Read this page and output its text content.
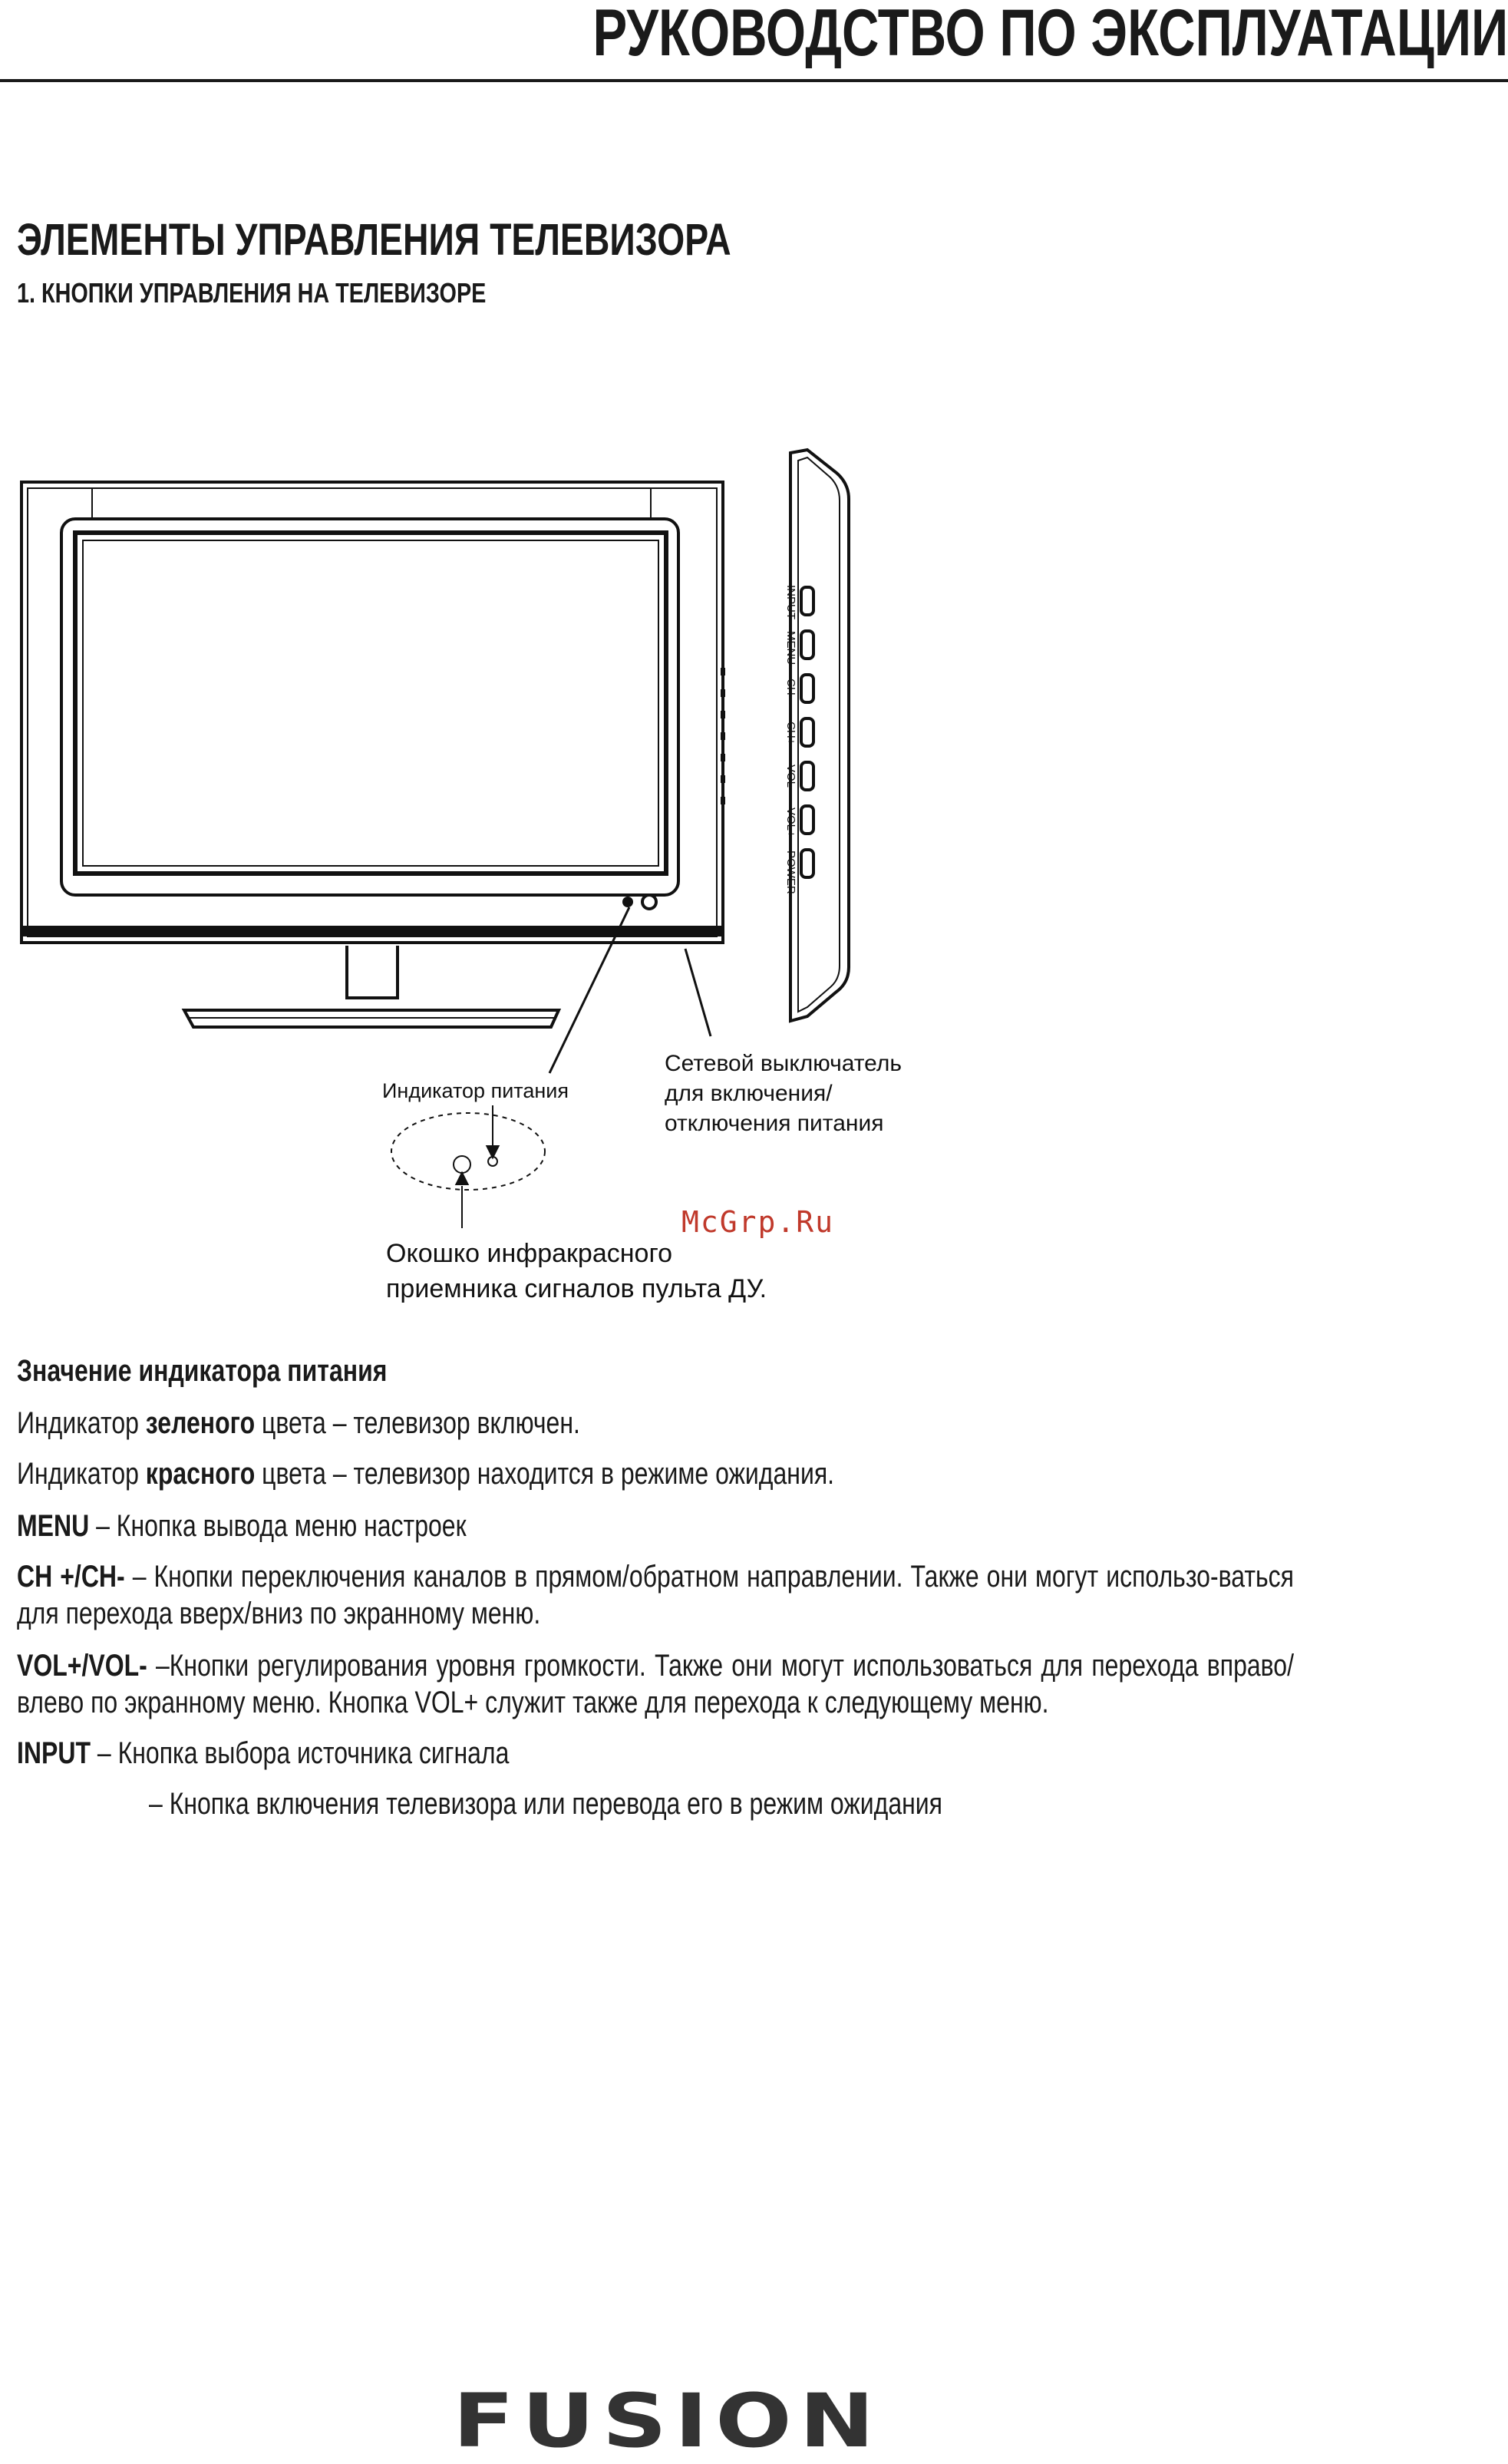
РУКОВОДСТВО ПО ЭКСПЛУАТАЦИИ
ЭЛЕМЕНТЫ УПРАВЛЕНИЯ ТЕЛЕВИЗОРА
1. КНОПКИ УПРАВЛЕНИЯ НА ТЕЛЕВИЗОРЕ
INPUT
MENU
CH-
CH+
VOL-
VOL+
POWER
Индикатор питания
Сетевой выключатель
для включения/
отключения питания
Окошко инфракрасного
приемника сигналов пульта ДУ.
McGrp.Ru
Значение индикатора питания
Индикатор зеленого цвета – телевизор включен.
Индикатор красного цвета – телевизор находится в режиме ожидания.
MENU – Кнопка вывода меню настроек
CH +/CH- – Кнопки переключения каналов в прямом/обратном направлении. Также они могут использо-ваться для перехода вверх/вниз по экранному меню.
VOL+/VOL- –Кнопки регулирования уровня громкости. Также они могут использоваться для перехода вправо/влево по экранному меню. Кнопка VOL+ служит также для перехода к следующему меню.
INPUT – Кнопка выбора источника сигнала
– Кнопка включения телевизора или перевода его в режим ожидания
FUSION
